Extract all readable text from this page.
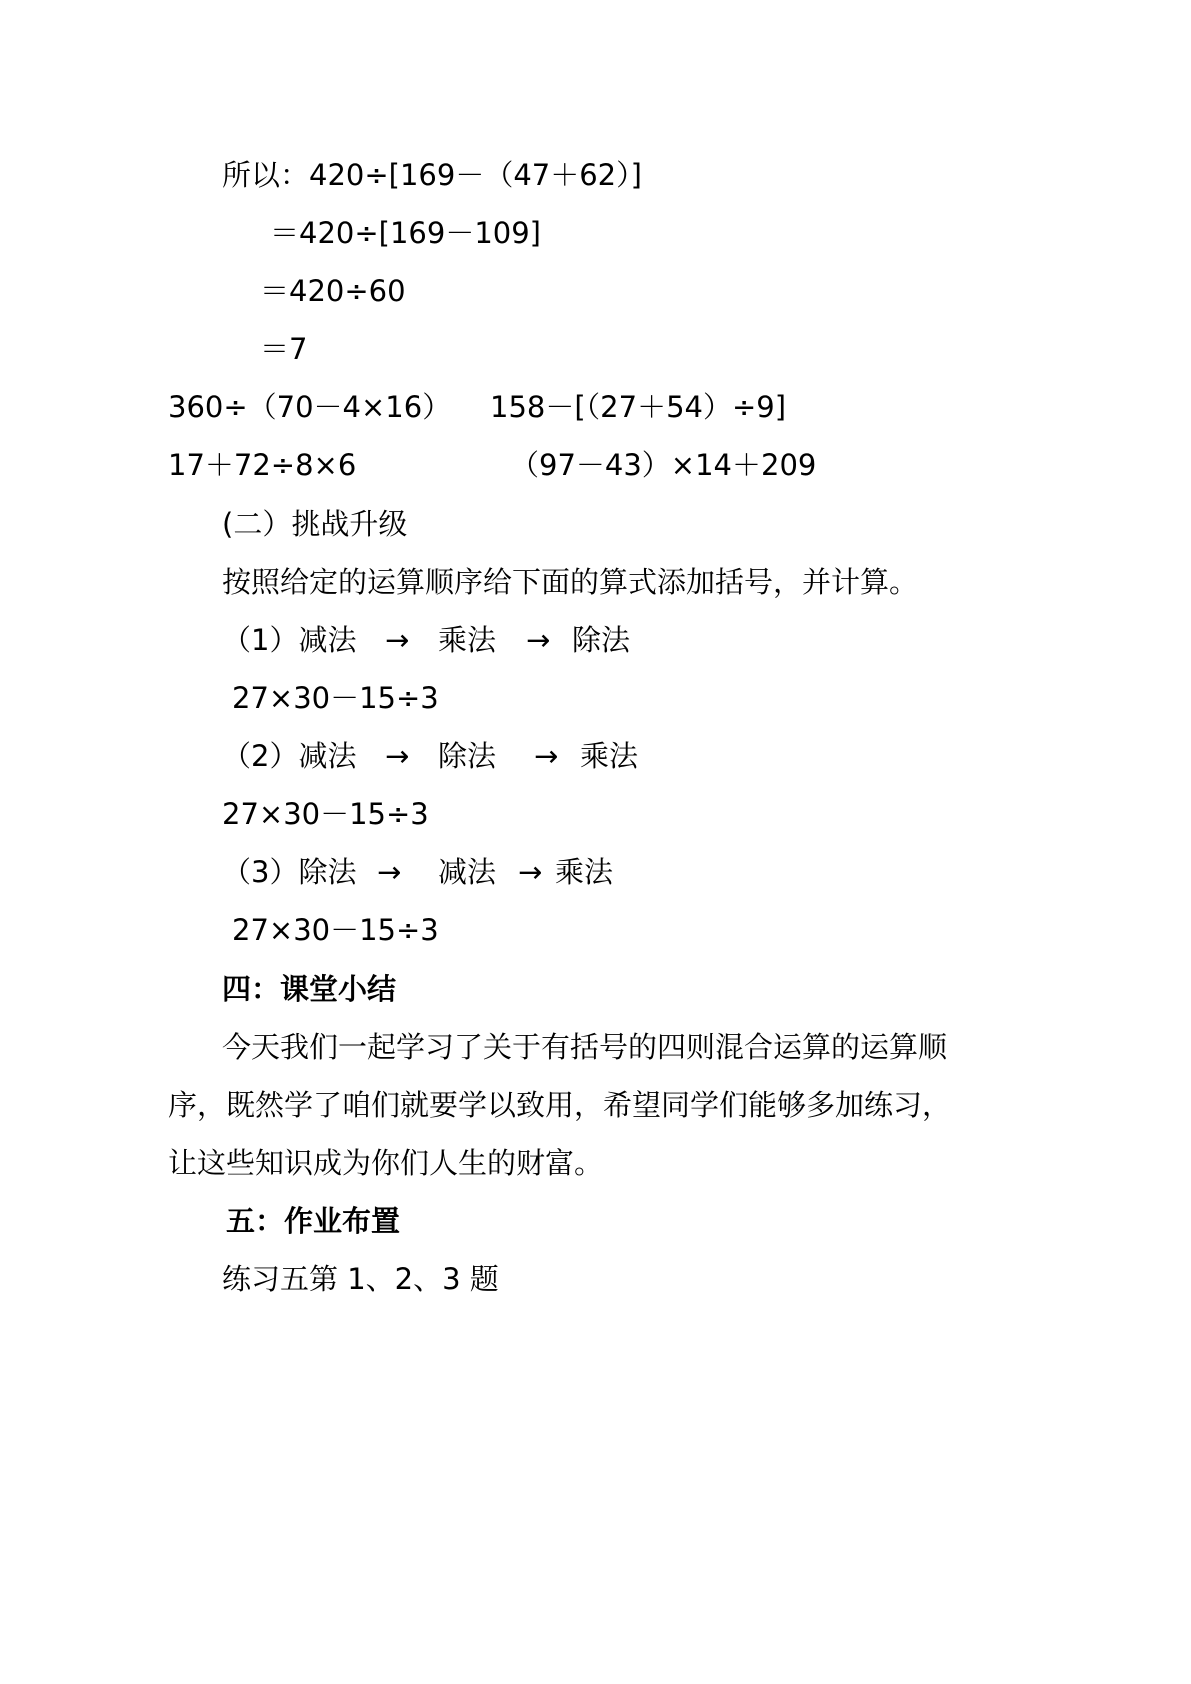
所以：420÷[169－（47＋62）]
＝420÷[169－109]
＝420÷60
＝7
360÷（70－4×16） 158－[（27＋54）÷9]
17＋72÷8×6	（97－43）×14＋209
(二）挑战升级
按照给定的运算顺序给下面的算式添加括号，并计算。
（1）减法 → 乘法 → 除法
27×30－15÷3
（2）减法 → 除法 → 乘法
27×30－15÷3
（3）除法 → 减法 → 乘法
27×30－15÷3
四：课堂小结
今天我们一起学习了关于有括号的四则混合运算的运算顺
序，既然学了咱们就要学以致用，希望同学们能够多加练习，
让这些知识成为你们人生的财富。
五：作业布置
练习五第 1、2、3 题
